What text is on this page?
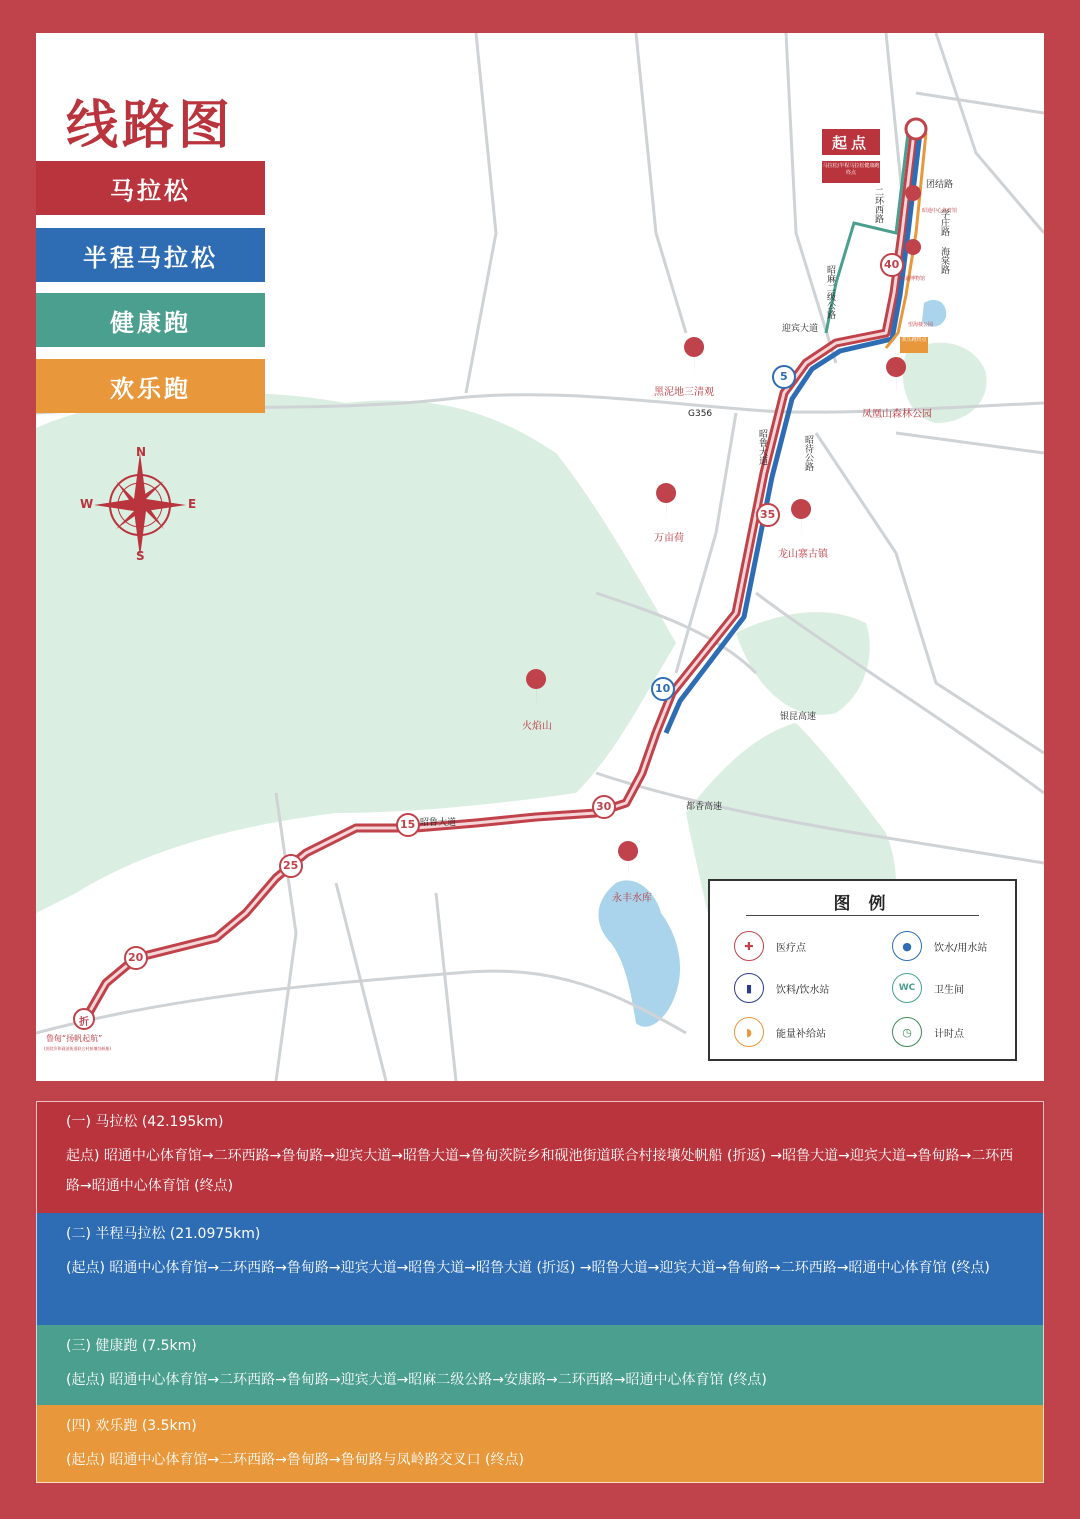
线路图
马拉松
半程马拉松
健康跑
欢乐跑
N
S
W	E
起点
马拉松/半程马拉松健康跑终点
欢乐跑终点
5
10
15
20
25
30
35
40
折
鲁甸“扬帆起航”
(茨院乡和砚池街道联合村接壤处帆船)
G356
迎宾大道
昭鲁大道
昭鲁大道
昭麻二级公路
二环西路
团结路
学庄路
海棠路
昭待公路
银昆高速
都香高速
黑泥地三清观
凤凰山森林公园
万亩荷
龙山寨古镇
火焰山
永丰水库
昭通中心体育馆
昭通博物馆
望海楼公园
图 例
✚	医疗点	●	饮水/用水站
▮	饮料/饮水站	WC	卫生间
◗	能量补给站	◷	计时点
(一) 马拉松 (42.195km)
起点) 昭通中心体育馆→二环西路→鲁甸路→迎宾大道→昭鲁大道→鲁甸茨院乡和砚池街道联合村接壤处帆船 (折返) →昭鲁大道→迎宾大道→鲁甸路→二环西路→昭通中心体育馆 (终点)
(二) 半程马拉松 (21.0975km)
(起点) 昭通中心体育馆→二环西路→鲁甸路→迎宾大道→昭鲁大道→昭鲁大道 (折返) →昭鲁大道→迎宾大道→鲁甸路→二环西路→昭通中心体育馆 (终点)
(三) 健康跑 (7.5km)
(起点) 昭通中心体育馆→二环西路→鲁甸路→迎宾大道→昭麻二级公路→安康路→二环西路→昭通中心体育馆 (终点)
(四) 欢乐跑 (3.5km)
(起点) 昭通中心体育馆→二环西路→鲁甸路→鲁甸路与凤岭路交叉口 (终点)
